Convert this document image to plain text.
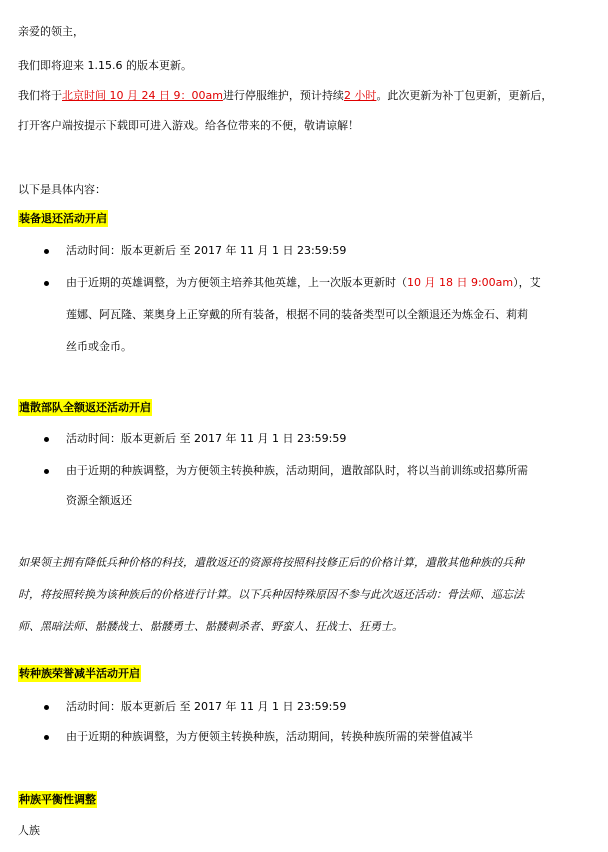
亲爱的领主，
我们即将迎来 1.15.6 的版本更新。
我们将于北京时间 10 月 24 日 9：00am进行停服维护，预计持续2 小时。此次更新为补丁包更新，更新后，
打开客户端按提示下载即可进入游戏。给各位带来的不便，敬请谅解！
以下是具体内容：
装备退还活动开启
活动时间：版本更新后 至 2017 年 11 月 1 日 23:59:59
由于近期的英雄调整，为方便领主培养其他英雄，上一次版本更新时（10 月 18 日 9:00am），艾
莲娜、阿瓦隆、莱奥身上正穿戴的所有装备，根据不同的装备类型可以全额退还为炼金石、莉莉
丝币或金币。
遣散部队全额返还活动开启
活动时间：版本更新后 至 2017 年 11 月 1 日 23:59:59
由于近期的种族调整，为方便领主转换种族，活动期间，遣散部队时，将以当前训练或招募所需
资源全额返还
如果领主拥有降低兵种价格的科技，遣散返还的资源将按照科技修正后的价格计算，遣散其他种族的兵种
时，将按照转换为该种族后的价格进行计算。以下兵种因特殊原因不参与此次返还活动：骨法师、巡忘法
师、黑暗法师、骷髅战士、骷髅勇士、骷髅刺杀者、野蛮人、狂战士、狂勇士。
转种族荣誉减半活动开启
活动时间：版本更新后 至 2017 年 11 月 1 日 23:59:59
由于近期的种族调整，为方便领主转换种族，活动期间，转换种族所需的荣誉值减半
种族平衡性调整
人族
